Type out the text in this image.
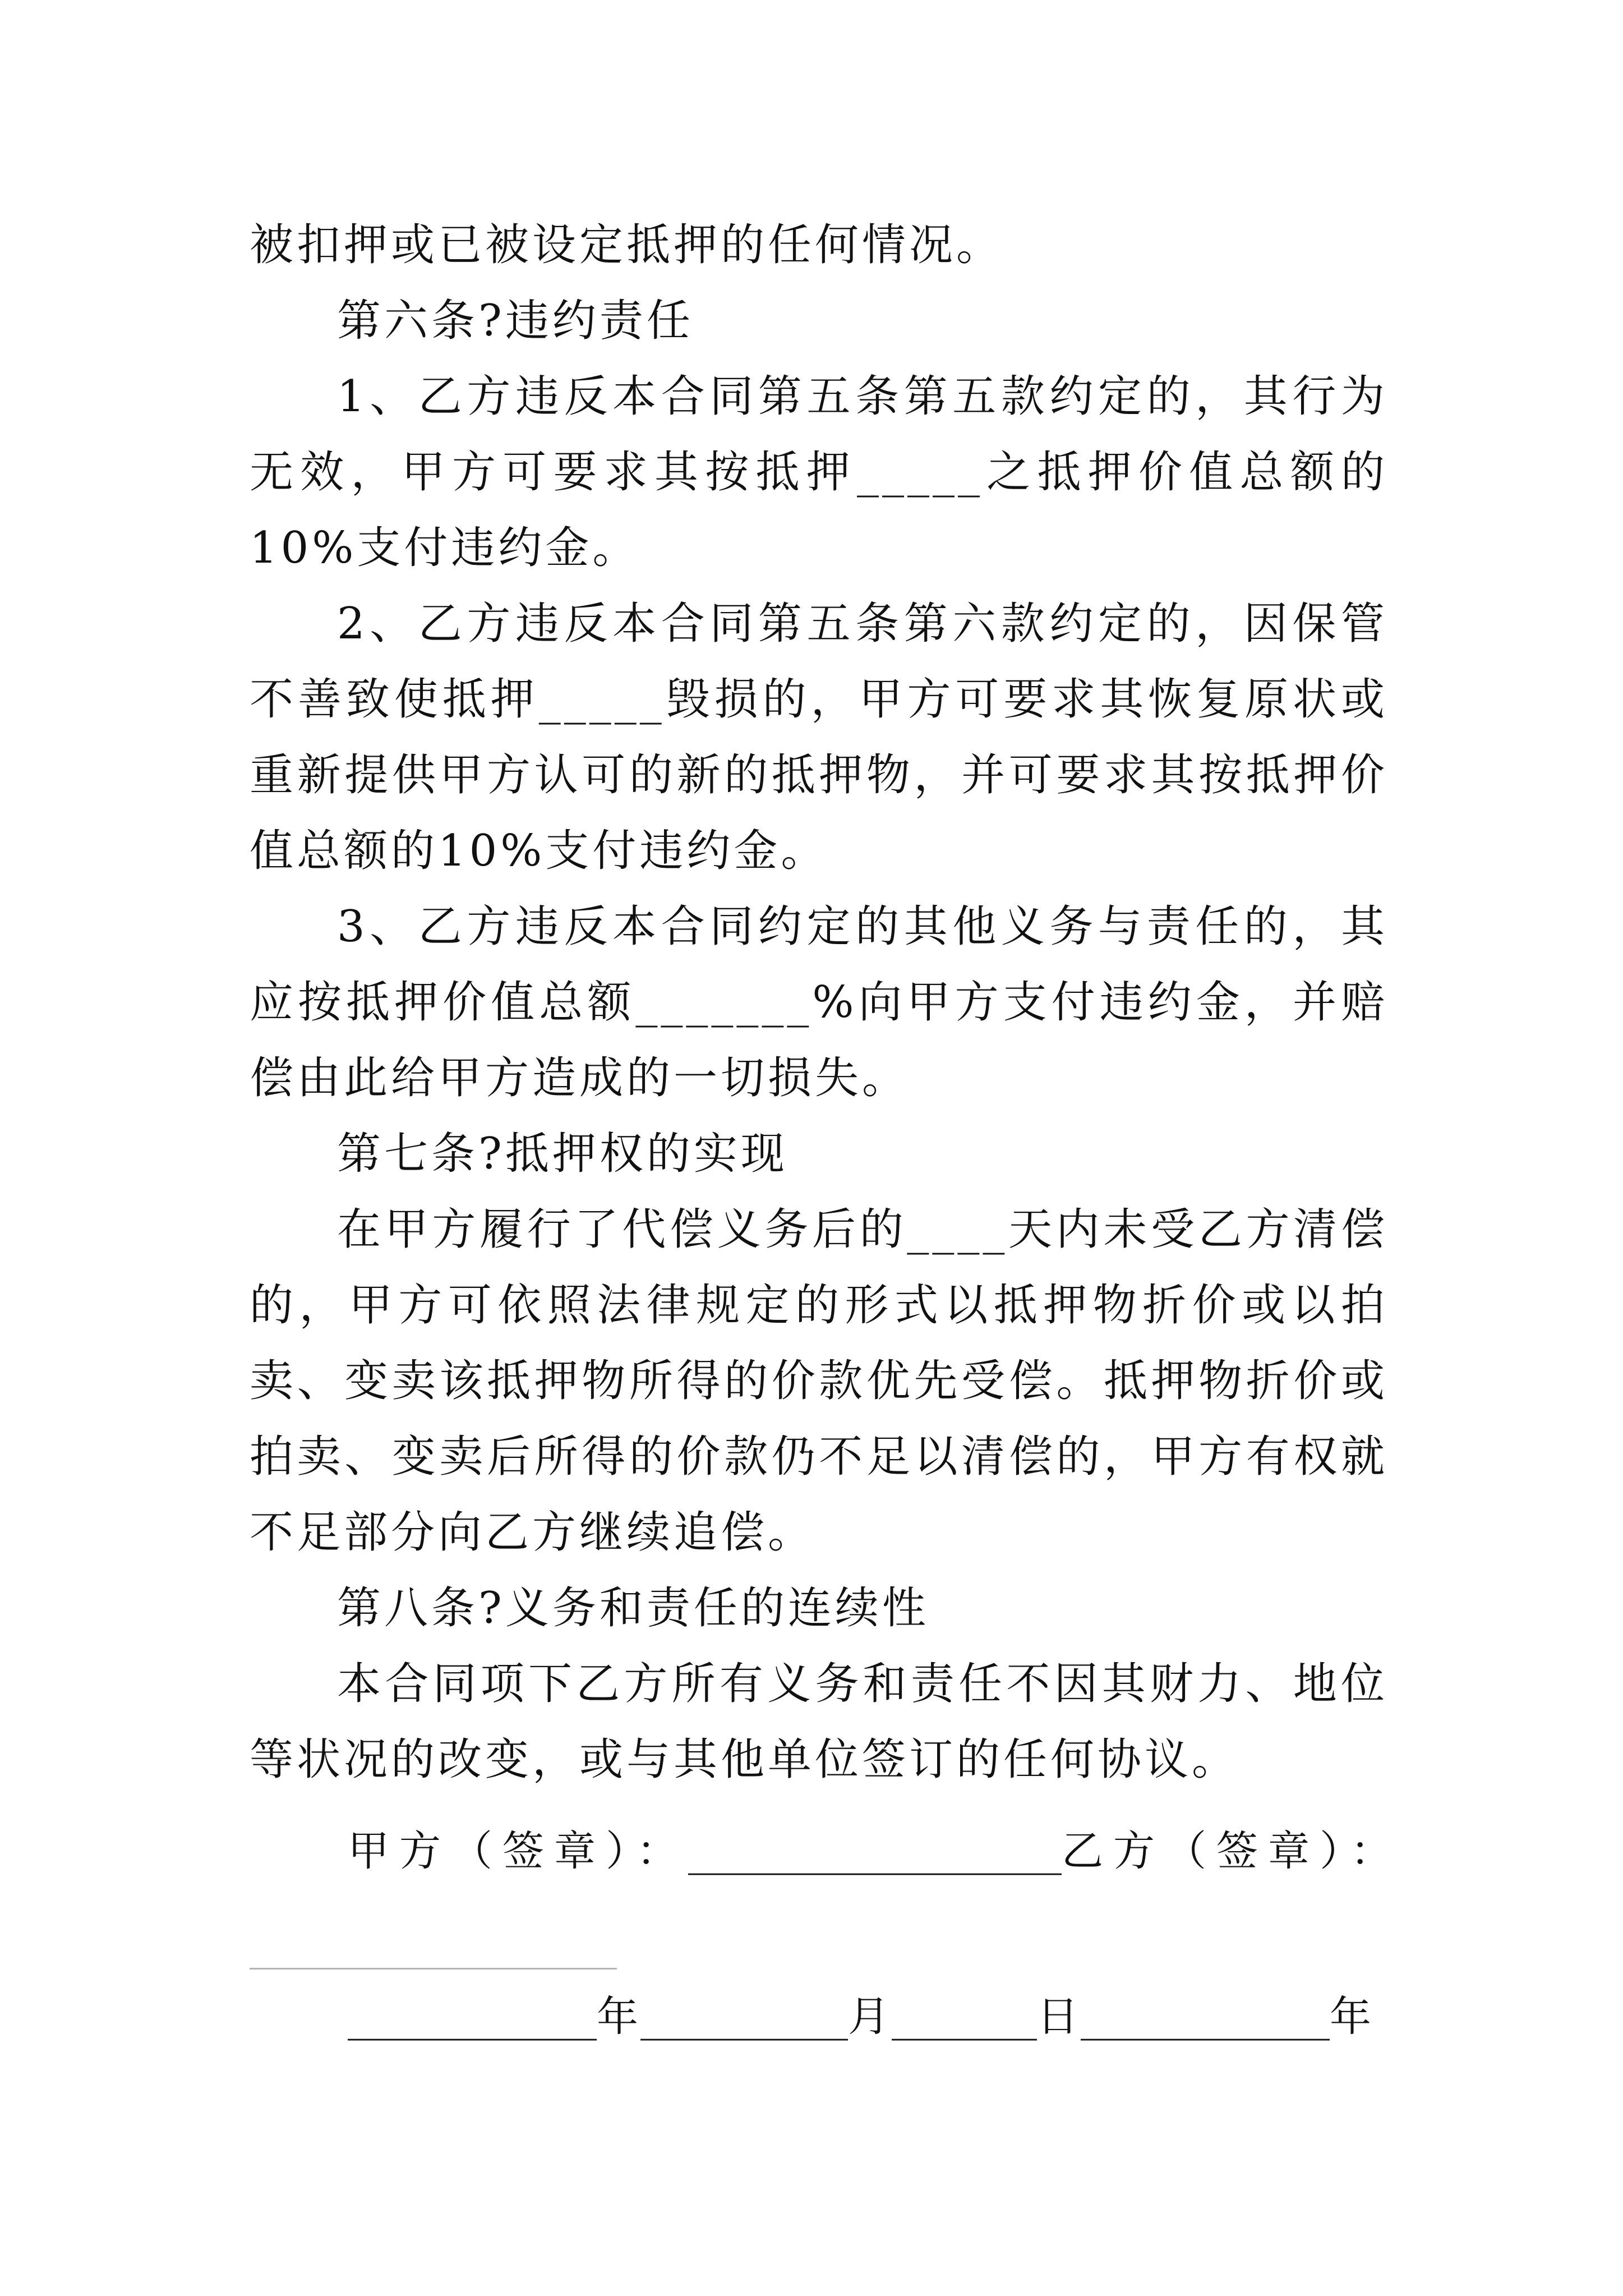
被扣押或已被设定抵押的任何情况。

第六条?违约责任

1、乙方违反本合同第五条第五款约定的，其行为无效，甲方可要求其按抵押_____之抵押价值总额的10%支付违约金。

2、乙方违反本合同第五条第六款约定的，因保管不善致使抵押_____毁损的，甲方可要求其恢复原状或重新提供甲方认可的新的抵押物，并可要求其按抵押价值总额的10%支付违约金。

3、乙方违反本合同约定的其他义务与责任的，其应按抵押价值总额_______%向甲方支付违约金，并赔偿由此给甲方造成的一切损失。

第七条?抵押权的实现

在甲方履行了代偿义务后的____天内未受乙方清偿的，甲方可依照法律规定的形式以抵押物折价或以拍卖、变卖该抵押物所得的价款优先受偿。抵押物折价或拍卖、变卖后所得的价款仍不足以清偿的，甲方有权就不足部分向乙方继续追偿。

第八条?义务和责任的连续性

本合同项下乙方所有义务和责任不因其财力、地位等状况的改变，或与其他单位签订的任何协议。

甲方（签章）：__________________乙方（签章）：
____________年__________月_______日____________年
